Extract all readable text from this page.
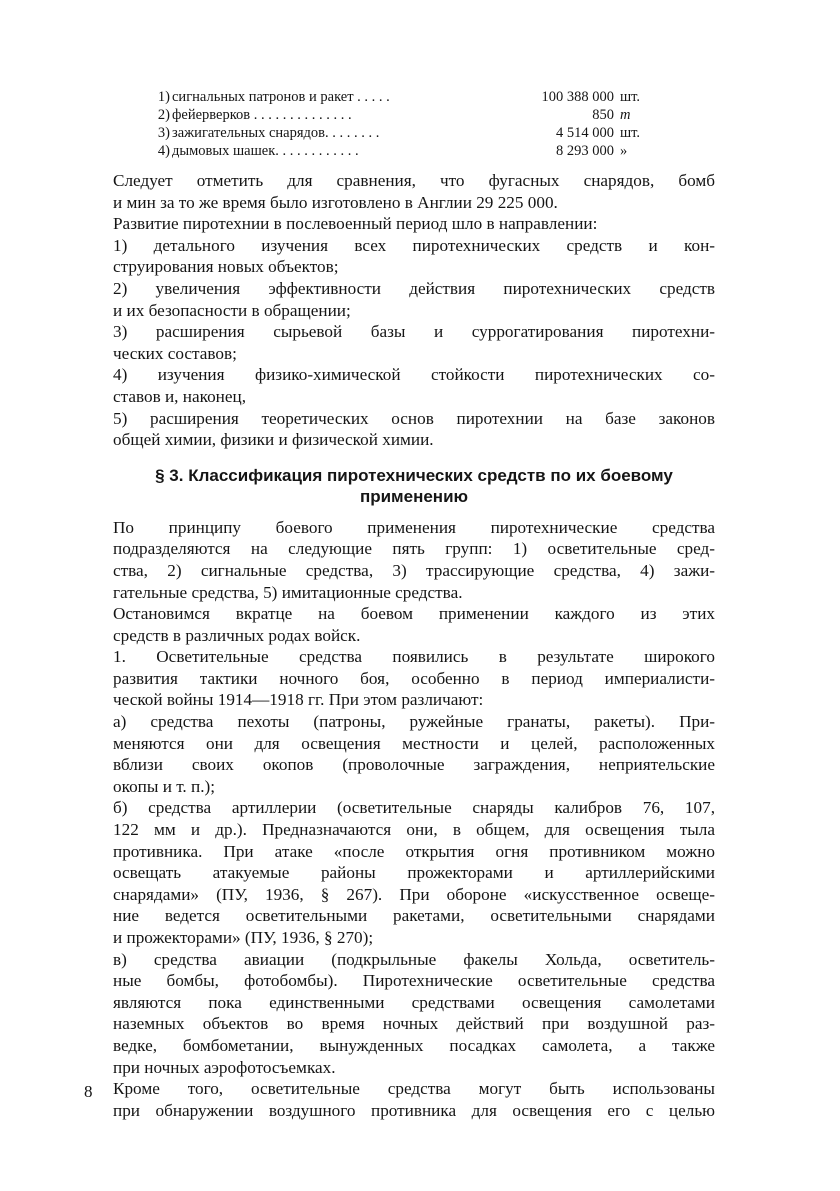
1) сигнальных патронов и ракет . . . . .	100 388 000 шт.
2) фейерверков . . . . . . . . . . . . . .	850 т
3) зажигательных снарядов. . . . . . . .	4 514 000 шт.
4) дымовых шашек. . . . . . . . . . . .	8 293 000 »
Следует отметить для сравнения, что фугасных снарядов, бомб
и мин за то же время было изготовлено в Англии 29 225 000.
Развитие пиротехнии в послевоенный период шло в направлении:
1) детального изучения всех пиротехнических средств и кон-
струирования новых объектов;
2) увеличения эффективности действия пиротехнических средств
и их безопасности в обращении;
3) расширения сырьевой базы и суррогатирования пиротехни-
ческих составов;
4) изучения физико-химической стойкости пиротехнических со-
ставов и, наконец,
5) расширения теоретических основ пиротехнии на базе законов
общей химии, физики и физической химии.
§ 3. Классификация пиротехнических средств по их боевому
применению
По принципу боевого применения пиротехнические средства
подразделяются на следующие пять групп: 1) осветительные сред-
ства, 2) сигнальные средства, 3) трассирующие средства, 4) зажи-
гательные средства, 5) имитационные средства.
Остановимся вкратце на боевом применении каждого из этих
средств в различных родах войск.
1. Осветительные средства появились в результате широкого
развития тактики ночного боя, особенно в период империалисти-
ческой войны 1914—1918 гг. При этом различают:
а) средства пехоты (патроны, ружейные гранаты, ракеты). При-
меняются они для освещения местности и целей, расположенных
вблизи своих окопов (проволочные заграждения, неприятельские
окопы и т. п.);
б) средства артиллерии (осветительные снаряды калибров 76, 107,
122 мм и др.). Предназначаются они, в общем, для освещения тыла
противника. При атаке «после открытия огня противником можно
освещать атакуемые районы прожекторами и артиллерийскими
снарядами» (ПУ, 1936, § 267). При обороне «искусственное освеще-
ние ведется осветительными ракетами, осветительными снарядами
и прожекторами» (ПУ, 1936, § 270);
в) средства авиации (подкрыльные факелы Хольда, осветитель-
ные бомбы, фотобомбы). Пиротехнические осветительные средства
являются пока единственными средствами освещения самолетами
наземных объектов во время ночных действий при воздушной раз-
ведке, бомбометании, вынужденных посадках самолета, а также
при ночных аэрофотосъемках.
Кроме того, осветительные средства могут быть использованы
при обнаружении воздушного противника для освещения его с целью
8
